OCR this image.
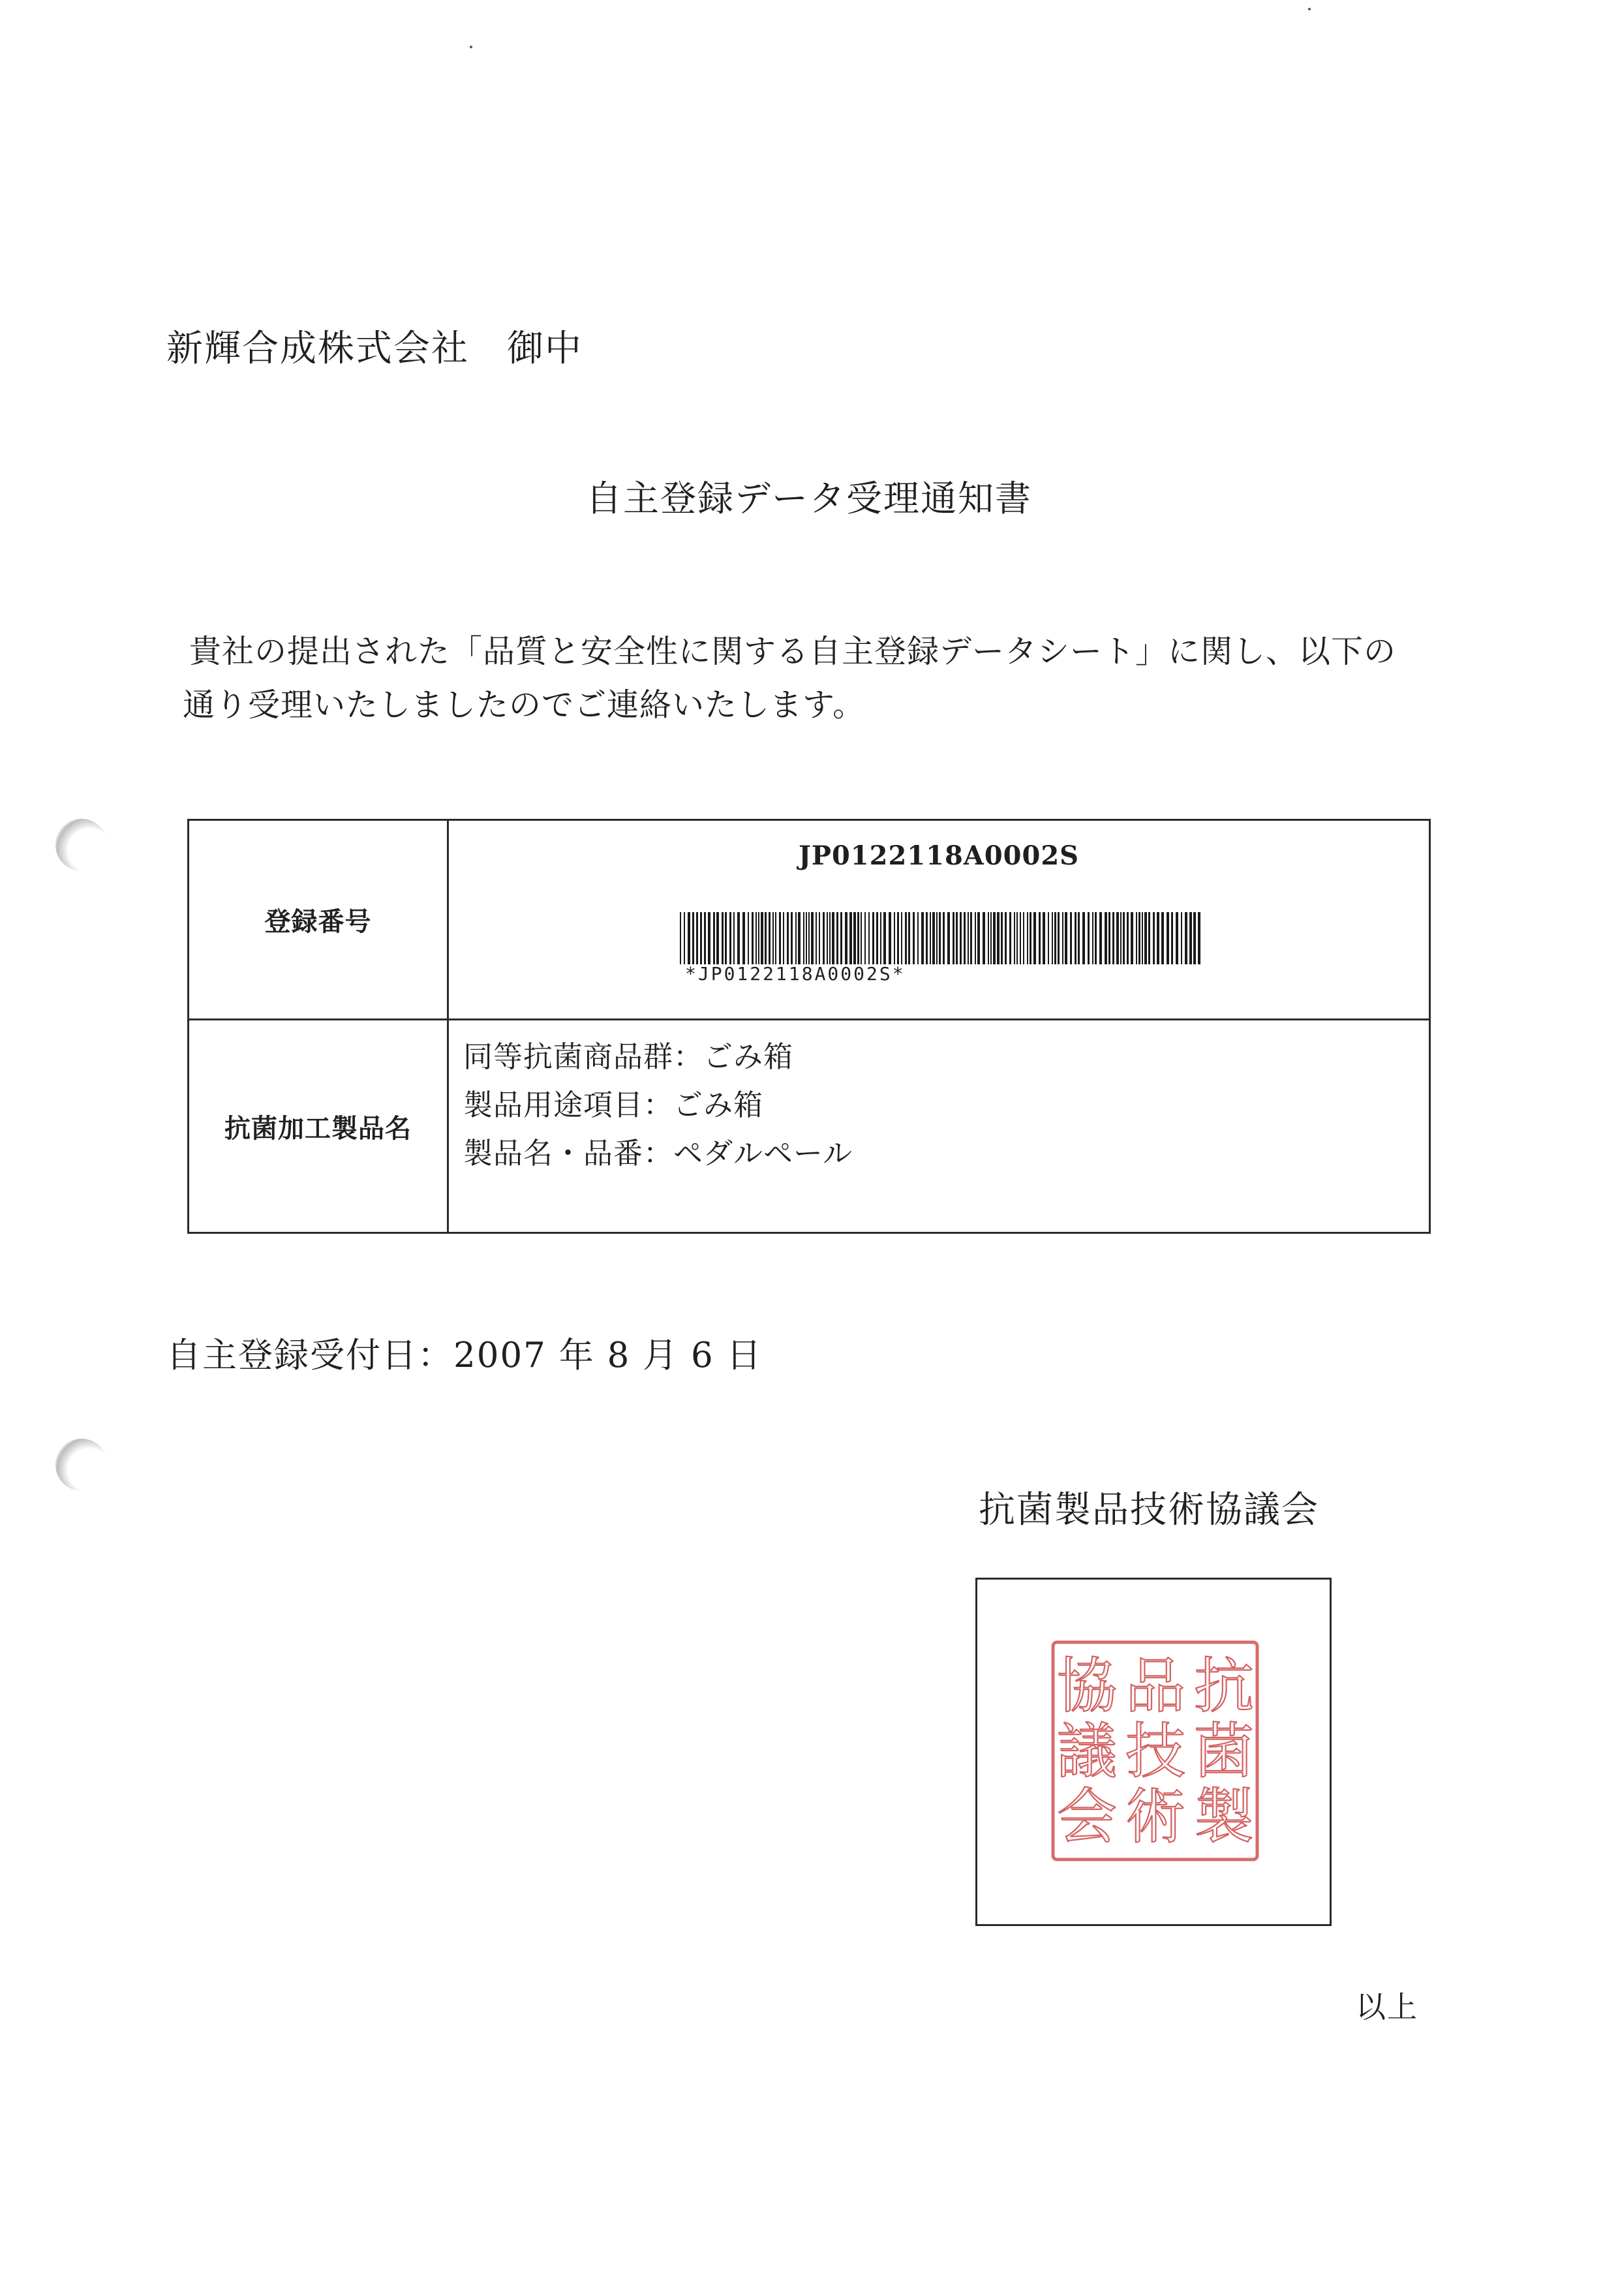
新輝合成株式会社　御中
自主登録データ受理通知書

貴社の提出された「品質と安全性に関する自主登録データシート」に関し、以下の

通り受理いたしましたのでご連絡いたします。

登録番号
JP0122118A0002S
*JP0122118A0002S*
抗菌加工製品名
同等抗菌商品群：ごみ箱
製品用途項目：ごみ箱
製品名・品番：ペダルペール
自主登録受付日：2007 年 8 月 6 日
抗菌製品技術協議会
抗
菌
製
品
技
術
協
議
会
以上
